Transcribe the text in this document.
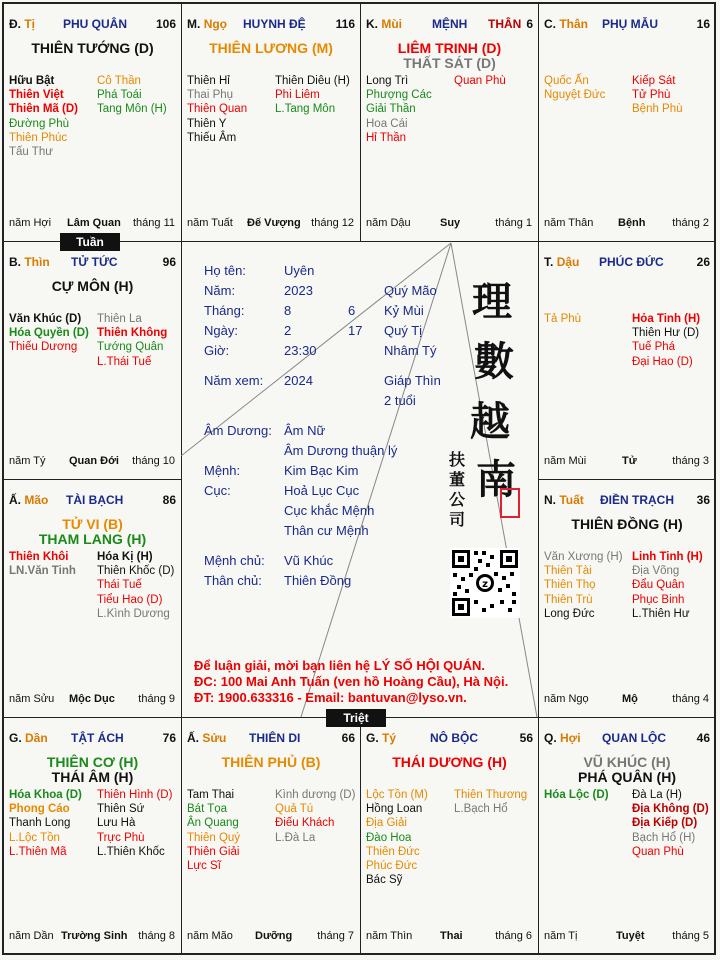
Đ. Tị PHU QUÂN 106
THIÊN TƯỚNG (D)
Hữu Bật
Thiên Việt
Thiên Mã (D)
Đường Phù
Thiên Phúc
Tấu Thư
Cô Thần
Phá Toái
Tang Môn (H)
năm Hợi Lâm Quan tháng 11
M. Ngọ HUYNH ĐỆ 116
THIÊN LƯƠNG (M)
Thiên Hỉ
Thai Phụ
Thiên Quan
Thiên Y
Thiếu Âm
Thiên Diêu (H)
Phi Liêm
L.Tang Môn
năm Tuất Đế Vượng tháng 12
K. Mùi MỆNH THÂN 6
LIÊM TRINH (D)
THẤT SÁT (D)
Long Trì
Phượng Các
Giải Thần
Hoa Cái
Hỉ Thần
Quan Phù
năm Dậu	Suy	tháng 1
C. Thân PHỤ MẪU	16
Quốc Ấn
Nguyệt Đức
Kiếp Sát
Tử Phù
Bệnh Phù
năm Thân Bệnh tháng 2
B. Thìn TỬ TỨC	96
CỰ MÔN (H)
Văn Khúc (D)
Hóa Quyền (D)
Thiếu Dương
Thiên La
Thiên Không
Tướng Quân
L.Thái Tuế
năm Tý Quan Đới tháng 10
T. Dậu PHÚC ĐỨC	26
Tả Phù	Hỏa Tinh (H)
Thiên Hư (D)
Tuế Phá
Đại Hao (D)
năm Mùi	Tử	tháng 3
Ấ. Mão TÀI BẠCH	86
TỬ VI (B)
THAM LANG (H)
Thiên Khôi
LN.Văn Tinh
Hóa Kị (H)
Thiên Khốc (D)
Thái Tuế
Tiểu Hao (D)
L.Kình Dương
năm Sửu Mộc Dục tháng 9
N. Tuất ĐIỀN TRẠCH 36
THIÊN ĐỒNG (H)
Văn Xương (H)
Thiên Tài
Thiên Thọ
Thiên Trù
Long Đức
Linh Tinh (H)
Địa Võng
Đẩu Quân
Phục Binh
L.Thiên Hư
năm Ngọ	Mộ	tháng 4
G. Dần TẬT ÁCH	76
THIÊN CƠ (H)
THÁI ÂM (H)
Hóa Khoa (D)
Phong Cáo
Thanh Long
L.Lộc Tồn
L.Thiên Mã
Thiên Hình (D)
Thiên Sứ
Lưu Hà
Trực Phù
L.Thiên Khốc
năm Dần Trường Sinh tháng 8
Ấ. Sửu THIÊN DI	66
THIÊN PHỦ (B)
Tam Thai
Bát Tọa
Ân Quang
Thiên Quý
Thiên Giải
Lực Sĩ
Kình dương (D)
Quả Tú
Điếu Khách
L.Đà La
năm Mão Dưỡng tháng 7
G. Tý	NÔ BỘC	56
THÁI DƯƠNG (H)
Lộc Tồn (M)
Hồng Loan
Địa Giải
Đào Hoa
Thiên Đức
Phúc Đức
Bác Sỹ
Thiên Thương
L.Bạch Hổ
năm Thìn	Thai	tháng 6
Q. Hợi QUAN LỘC	46
VŨ KHÚC (H)
PHÁ QUÂN (H)
Hóa Lộc (D) Đà La (H)
Địa Không (D)
Địa Kiếp (D)
Bạch Hổ (H)
Quan Phù
năm Tị	Tuyệt	tháng 5
Họ tên:	Uyên
Năm:	2023	Quý Mão
Tháng:	8	6 Kỷ Mùi
Ngày:	2	17 Quý Tị
Giờ:	23:30	Nhâm Tý
Năm xem: 2024	Giáp Thìn
2 tuổi
Âm Dương: Âm Nữ
Âm Dương thuận lý
Mệnh:	Kim Bạc Kim
Cục:	Hoả Lục Cục
Cục khắc Mệnh
Thân cư Mệnh
Mệnh chủ: Vũ Khúc
Thân chủ: Thiên Đồng
理
數
越
南
扶
董
公
司
z
Để luận giải, mời bạn liên hệ LÝ SỐ HỘI QUÁN.
ĐC: 100 Mai Anh Tuấn (ven hồ Hoàng Cầu), Hà Nội.
ĐT: 1900.633316 - Email: bantuvan@lyso.vn.
Tuần
Triệt
